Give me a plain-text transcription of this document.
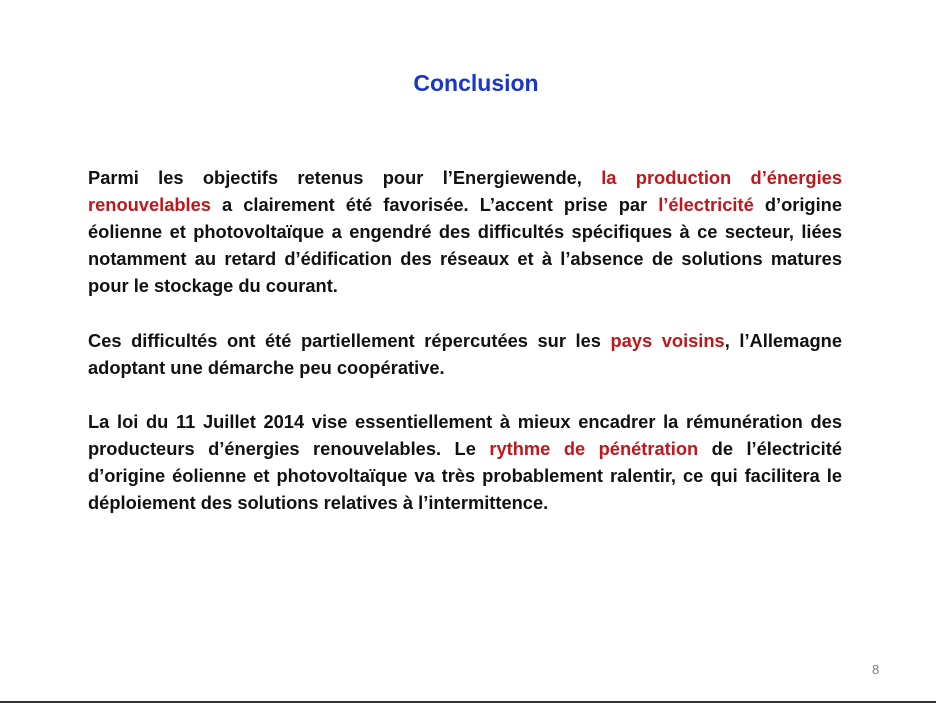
Conclusion

Parmi les objectifs retenus pour l’Energiewende, la production d’énergies renouvelables a clairement été favorisée. L’accent prise par l’électricité d’origine éolienne et photovoltaïque a engendré des difficultés spécifiques à ce secteur, liées notamment au retard d’édification des réseaux et à l’absence de solutions matures pour le stockage du courant.

Ces difficultés ont été partiellement répercutées sur les pays voisins, l’Allemagne adoptant une démarche peu coopérative.

La loi du 11 Juillet 2014 vise essentiellement à mieux encadrer la rémunération des producteurs d’énergies renouvelables. Le rythme de pénétration de l’électricité d’origine éolienne et photovoltaïque va très probablement ralentir, ce qui facilitera le déploiement des solutions relatives à l’intermittence.

8
